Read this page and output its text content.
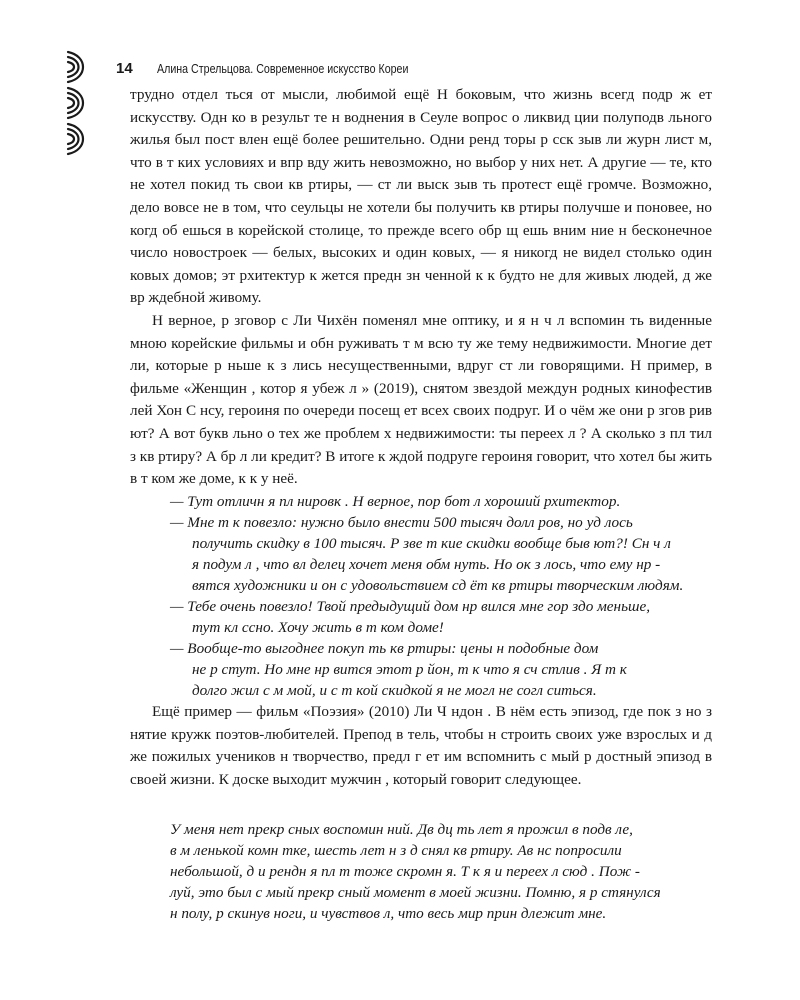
14 Алина Стрельцова. Современное искусство Кореи

трудно отдел ться от мысли, любимой ещё Н боковым, что жизнь всегд подр ж ет искусству. Одн ко в результ те н воднения в Сеуле вопрос о ликвид ции полуподв льного жилья был пост влен ещё более решительно. Одни ренд торы р сск зыв ли журн лист м, что в т ких условиях и впр вду жить невозможно, но выбор у них нет. А другие — те, кто не хотел покид ть свои кв ртиры, — ст ли выск зыв ть протест ещё громче. Возможно, дело вовсе не в том, что сеульцы не хотели бы получить кв ртиры получше и поновее, но когд об ешься в корейской столице, то прежде всего обр щ ешь вним ние н бесконечное число новостроек — белых, высоких и один ковых, — я никогд не видел столько один ковых домов; эт рхитектур к жется предн зн ченной к к будто не для живых людей, д же вр ждебной живому.

Н верное, р зговор с Ли Чихён поменял мне оптику, и я н ч л вспомин ть виденные мною корейские фильмы и обн руживать т м всю ту же тему недвижимости. Многие дет ли, которые р ньше к з лись несущественными, вдруг ст ли говорящими. Н пример, в фильме «Женщин , котор я убеж л » (2019), снятом звездой междун родных кинофестив лей Хон С нсу, героиня по очереди посещ ет всех своих подруг. И о чём же они р згов рив ют? А вот букв льно о тех же проблем х недвижимости: ты переех л ? А сколько з пл тил з кв ртиру? А бр л ли кредит? В итоге к ждой подруге героиня говорит, что хотел бы жить в т ком же доме, к к у неё.

— Тут отличн я пл нировк . Н верное, пор бот л хороший рхитектор.

— Мне т к повезло: нужно было внести 500 тысяч долл ров, но уд лось

получить скидку в 100 тысяч. Р зве т кие скидки вообще быв ют?! Сн ч л

я подум л , что вл делец хочет меня обм нуть. Но ок з лось, что ему нр -

вятся художники и он с удовольствием сд ёт кв ртиры творческим людям.

— Тебе очень повезло! Твой предыдущий дом нр вился мне гор здо меньше,

тут кл ссно. Хочу жить в т ком доме!

— Вообще-то выгоднее покуп ть кв ртиры: цены н подобные дом

не р стут. Но мне нр вится этот р йон, т к что я сч стлив . Я т к

долго жил с м мой, и с т кой скидкой я не могл не согл ситься.

Ещё пример — фильм «Поэзия» (2010) Ли Ч ндон . В нём есть эпизод, где пок з но з нятие кружк поэтов-любителей. Препод в тель, чтобы н строить своих уже взрослых и д же пожилых учеников н творчество, предл г ет им вспомнить с мый р достный эпизод в своей жизни. К доске выходит мужчин , который говорит следующее.

У меня нет прекр сных воспомин ний. Дв дц ть лет я прожил в подв ле,

в м ленькой комн тке, шесть лет н з д снял кв ртиру. Ав нс попросили

небольшой, д и рендн я пл т тоже скромн я. Т к я и переех л сюд . Пож -

луй, это был с мый прекр сный момент в моей жизни. Помню, я р стянулся

н полу, р скинув ноги, и чувствов л, что весь мир прин длежит мне.
